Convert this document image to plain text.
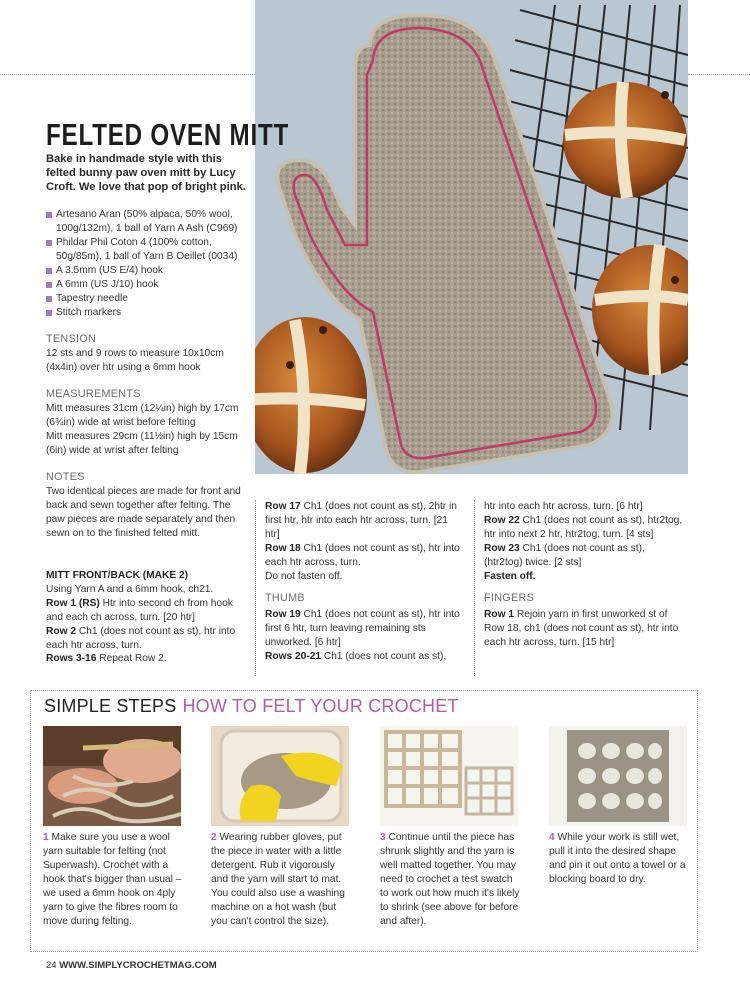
FELTED OVEN MITT
Bake in handmade style with this felted bunny paw oven mitt by Lucy Croft. We love that pop of bright pink.
Artesano Aran (50% alpaca, 50% wool, 100g/132m), 1 ball of Yarn A Ash (C969)
Phildar Phil Coton 4 (100% cotton, 50g/85m), 1 ball of Yarn B Oeillet (0034)
A 3.5mm (US E/4) hook
A 6mm (US J/10) hook
Tapestry needle
Stitch markers
TENSION
12 sts and 9 rows to measure 10x10cm (4x4in) over htr using a 6mm hook
MEASUREMENTS
Mitt measures 31cm (12¼in) high by 17cm (6¾in) wide at wrist before felting
Mitt measures 29cm (11½in) high by 15cm (6in) wide at wrist after felting
NOTES
Two identical pieces are made for front and back and sewn together after felting. The paw pieces are made separately and then sewn on to the finished felted mitt.

MITT FRONT/BACK (MAKE 2)

Using Yarn A and a 6mm hook, ch21.

Row 1 (RS) Htr into second ch from hook and each ch across, turn. [20 htr]

Row 2 Ch1 (does not count as st), htr into each htr across, turn.

Rows 3-16 Repeat Row 2.

Row 17 Ch1 (does not count as st), 2htr in first htr, htr into each htr across, turn. [21 htr]

Row 18 Ch1 (does not count as st), htr into each htr across, turn.

Do not fasten off.

THUMB

Row 19 Ch1 (does not count as st), htr into first 6 htr, turn leaving remaining sts unworked. [6 htr]

Rows 20-21 Ch1 (does not count as st),

htr into each htr across, turn. [6 htr]

Row 22 Ch1 (does not count as st), htr2tog, htr into next 2 htr, htr2tog, turn. [4 sts]

Row 23 Ch1 (does not count as st), (htr2tog) twice. [2 sts]

Fasten off.

FINGERS

Row 1 Rejoin yarn in first unworked st of Row 18, ch1 (does not count as st), htr into each htr across, turn. [15 htr]

SIMPLE STEPS HOW TO FELT YOUR CROCHET
1 Make sure you use a wool yarn suitable for felting (not Superwash). Crochet with a hook that's bigger than usual – we used a 6mm hook on 4ply yarn to give the fibres room to move during felting.
2 Wearing rubber gloves, put the piece in water with a little detergent. Rub it vigorously and the yarn will start to mat. You could also use a washing machine on a hot wash (but you can't control the size).
3 Continue until the piece has shrunk slightly and the yarn is well matted together. You may need to crochet a test swatch to work out how much it's likely to shrink (see above for before and after).
4 While your work is still wet, pull it into the desired shape and pin it out onto a towel or a blocking board to dry.
24 WWW.SIMPLYCROCHETMAG.COM
